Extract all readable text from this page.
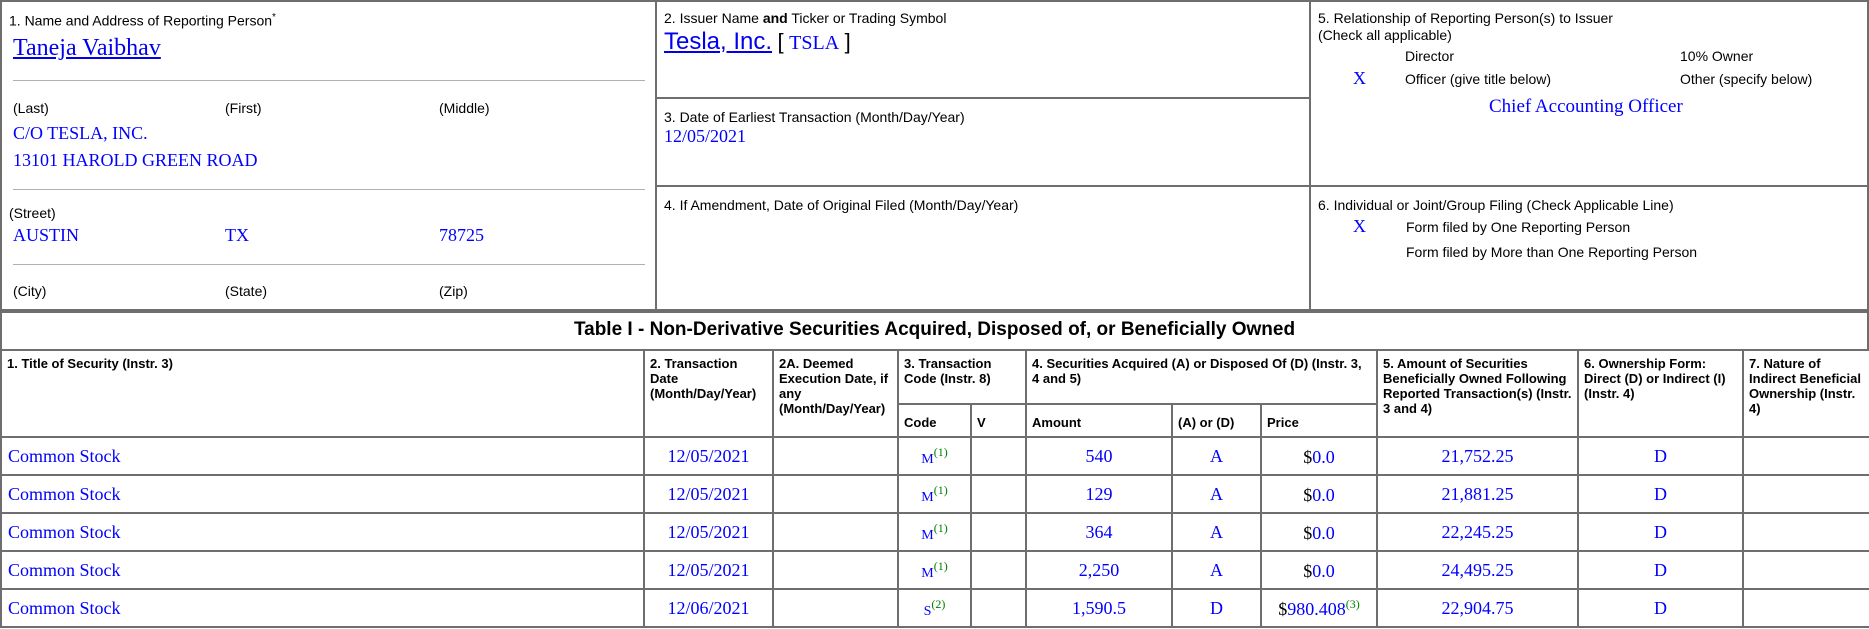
1. Name and Address of Reporting Person*
Taneja Vaibhav
(Last)	(First)	(Middle)
C/O TESLA, INC.
13101 HAROLD GREEN ROAD
(Street)
AUSTIN	TX	78725
(City)	(State)	(Zip)
2. Issuer Name and Ticker or Trading Symbol
Tesla, Inc. [ TSLA ]
3. Date of Earliest Transaction (Month/Day/Year)
12/05/2021
4. If Amendment, Date of Original Filed (Month/Day/Year)
5. Relationship of Reporting Person(s) to Issuer
(Check all applicable)
Director	10% Owner
X	Officer (give title below)	Other (specify below)
Chief Accounting Officer
6. Individual or Joint/Group Filing (Check Applicable Line)
X	Form filed by One Reporting Person
Form filed by More than One Reporting Person
Table I - Non-Derivative Securities Acquired, Disposed of, or Beneficially Owned
1. Title of Security (Instr. 3)	2. Transaction Date (Month/Day/Year)	2A. Deemed Execution Date, if any (Month/Day/Year)	3. Transaction Code (Instr. 8)		4. Securities Acquired (A) or Disposed Of (D) (Instr. 3, 4 and 5)			5. Amount of Securities Beneficially Owned Following Reported Transaction(s) (Instr. 3 and 4)	6. Ownership Form: Direct (D) or Indirect (I) (Instr. 4)	7. Nature of Indirect Beneficial Ownership (Instr. 4)
			Code	V	Amount	(A) or (D)	Price			
Common Stock	12/05/2021		M$^{(1)}$		540	A	$0.0	21,752.25	D	
Common Stock	12/05/2021		M$^{(1)}$		129	A	$0.0	21,881.25	D	
Common Stock	12/05/2021		M$^{(1)}$		364	A	$0.0	22,245.25	D	
Common Stock	12/05/2021		M$^{(1)}$		2,250	A	$0.0	24,495.25	D	
Common Stock	12/06/2021		S$^{(2)}$		1,590.5	D	$980.408$^{(3)}$	22,904.75	D	
